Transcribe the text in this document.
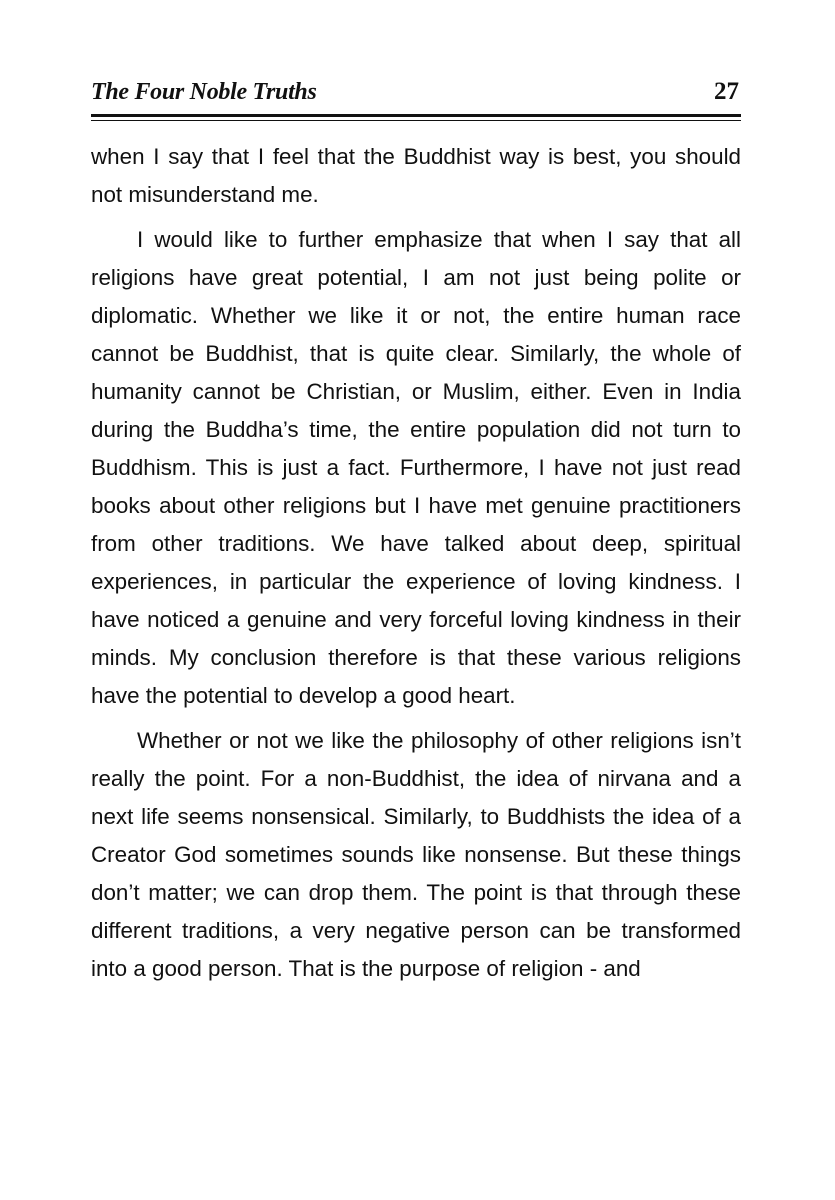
The Four Noble Truths	27

when I say that I feel that the Buddhist way is best, you should not misunderstand me.

I would like to further emphasize that when I say that all religions have great potential, I am not just being polite or diplomatic. Whether we like it or not, the entire human race cannot be Buddhist, that is quite clear. Similarly, the whole of humanity cannot be Christian, or Muslim, either. Even in India during the Buddha’s time, the entire population did not turn to Buddhism. This is just a fact. Furthermore, I have not just read books about other religions but I have met genuine practitioners from other traditions. We have talked about deep, spiritual experiences, in particular the experience of loving kindness. I have noticed a genuine and very forceful loving kindness in their minds. My conclusion therefore is that these various religions have the potential to develop a good heart.

Whether or not we like the philosophy of other religions isn’t really the point. For a non-Buddhist, the idea of nirvana and a next life seems nonsensical. Similarly, to Buddhists the idea of a Creator God sometimes sounds like nonsense. But these things don’t matter; we can drop them. The point is that through these different traditions, a very negative person can be transformed into a good person. That is the purpose of religion - and
